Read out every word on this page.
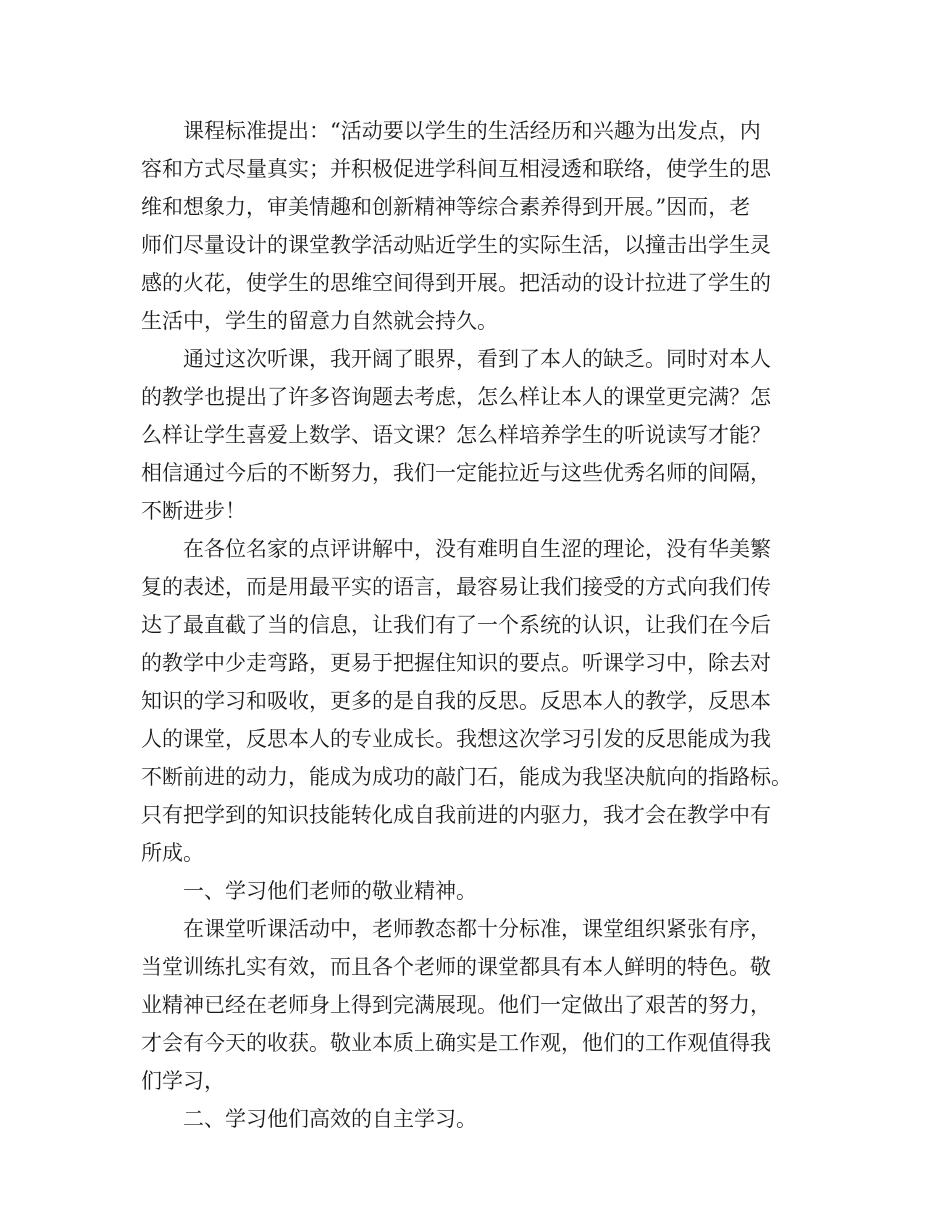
课程标准提出：“活动要以学生的生活经历和兴趣为出发点，内
容和方式尽量真实；并积极促进学科间互相浸透和联络，使学生的思
维和想象力，审美情趣和创新精神等综合素养得到开展。”因而，老
师们尽量设计的课堂教学活动贴近学生的实际生活，以撞击出学生灵
感的火花，使学生的思维空间得到开展。把活动的设计拉进了学生的
生活中，学生的留意力自然就会持久。

通过这次听课，我开阔了眼界，看到了本人的缺乏。同时对本人
的教学也提出了许多咨询题去考虑，怎么样让本人的课堂更完满？怎
么样让学生喜爱上数学、语文课？怎么样培养学生的听说读写才能？
相信通过今后的不断努力，我们一定能拉近与这些优秀名师的间隔，
不断进步！

在各位名家的点评讲解中，没有难明自生涩的理论，没有华美繁
复的表述，而是用最平实的语言，最容易让我们接受的方式向我们传
达了最直截了当的信息，让我们有了一个系统的认识，让我们在今后
的教学中少走弯路，更易于把握住知识的要点。听课学习中，除去对
知识的学习和吸收，更多的是自我的反思。反思本人的教学，反思本
人的课堂，反思本人的专业成长。我想这次学习引发的反思能成为我
不断前进的动力，能成为成功的敲门石，能成为我坚决航向的指路标。
只有把学到的知识技能转化成自我前进的内驱力，我才会在教学中有
所成。

一、学习他们老师的敬业精神。

在课堂听课活动中，老师教态都十分标准，课堂组织紧张有序，
当堂训练扎实有效，而且各个老师的课堂都具有本人鲜明的特色。敬
业精神已经在老师身上得到完满展现。他们一定做出了艰苦的努力，
才会有今天的收获。敬业本质上确实是工作观，他们的工作观值得我
们学习，

二、学习他们高效的自主学习。
